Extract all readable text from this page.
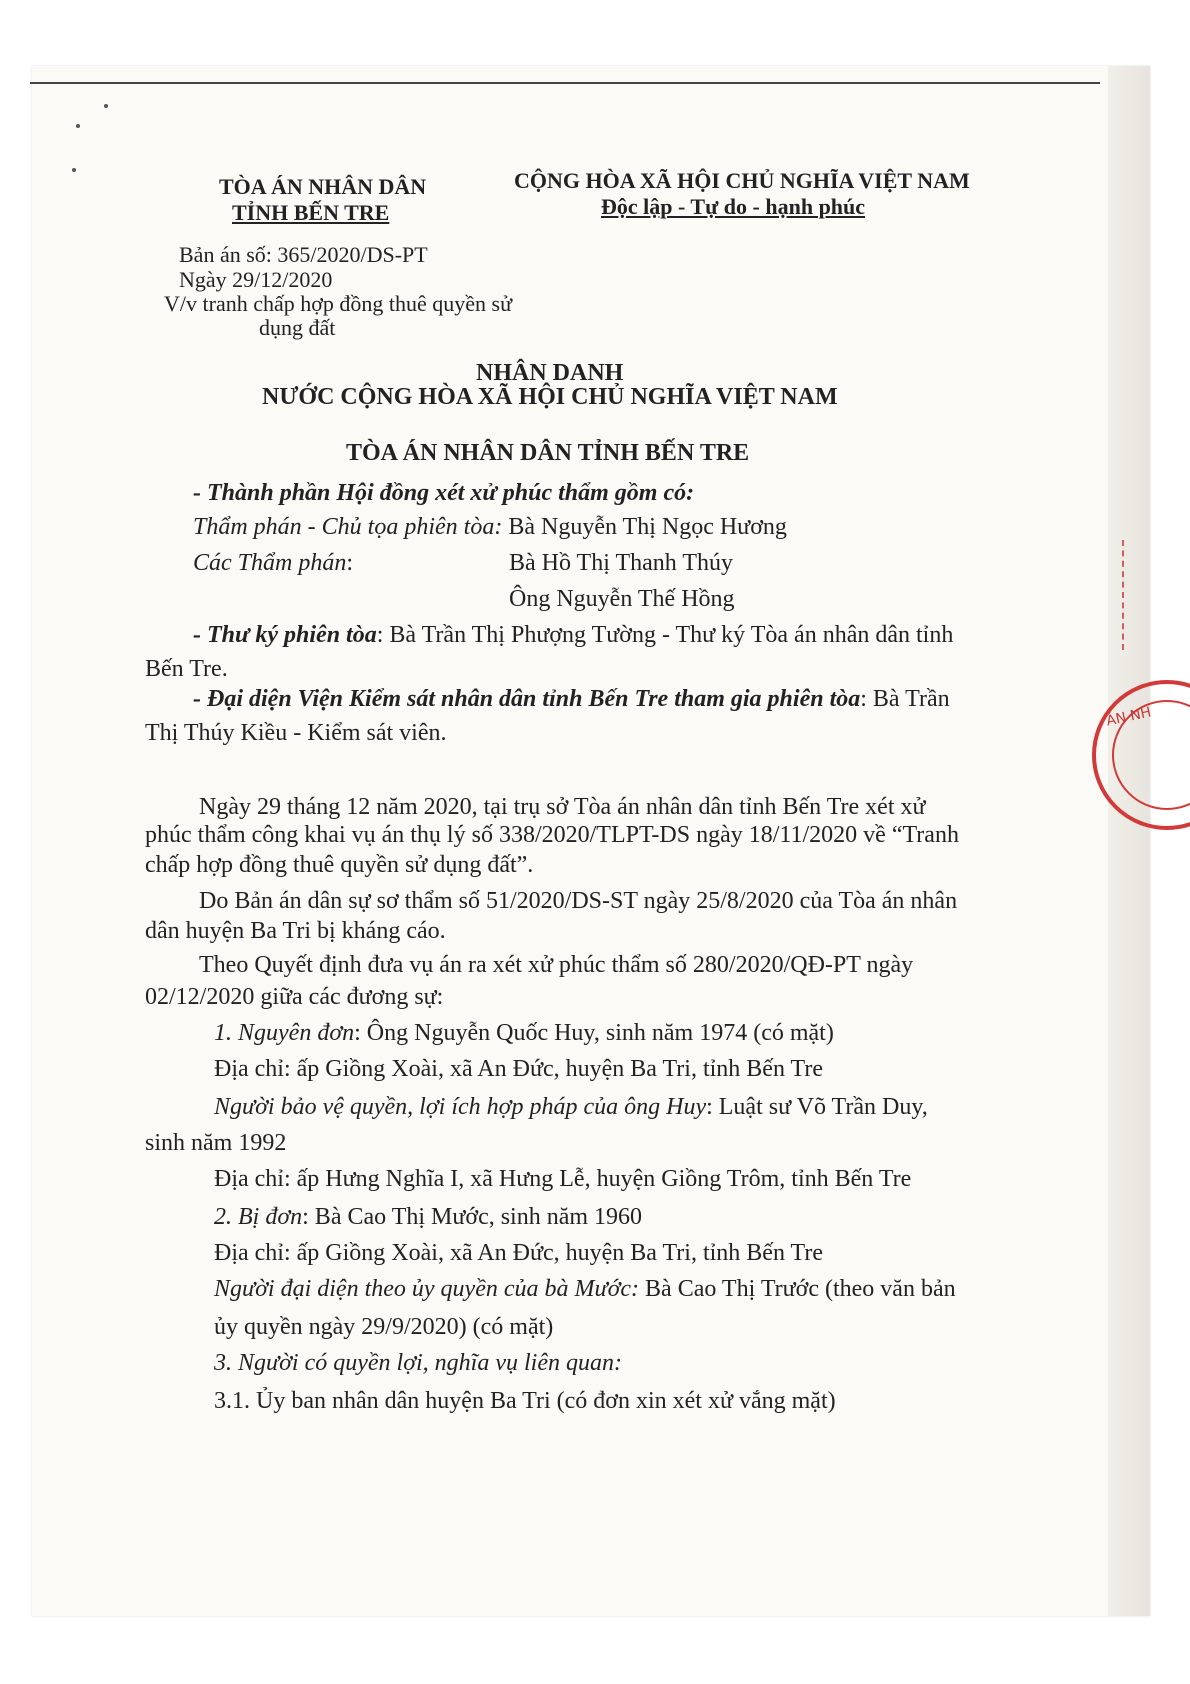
TÒA ÁN NHÂN DÂN
TỈNH BẾN TRE
CỘNG HÒA XÃ HỘI CHỦ NGHĨA VIỆT NAM
Độc lập - Tự do - hạnh phúc
Bản án số: 365/2020/DS-PT
Ngày 29/12/2020
V/v tranh chấp hợp đồng thuê quyền sử
dụng đất
NHÂN DANH
NƯỚC CỘNG HÒA XÃ HỘI CHỦ NGHĨA VIỆT NAM
TÒA ÁN NHÂN DÂN TỈNH BẾN TRE
- Thành phần Hội đồng xét xử phúc thẩm gồm có:
Thẩm phán - Chủ tọa phiên tòa: Bà Nguyễn Thị Ngọc Hương
Các Thẩm phán:	Bà Hồ Thị Thanh Thúy
Ông Nguyễn Thế Hồng
- Thư ký phiên tòa: Bà Trần Thị Phượng Tường - Thư ký Tòa án nhân dân tỉnh
Bến Tre.
- Đại diện Viện Kiểm sát nhân dân tỉnh Bến Tre tham gia phiên tòa: Bà Trần
Thị Thúy Kiều - Kiểm sát viên.
Ngày 29 tháng 12 năm 2020, tại trụ sở Tòa án nhân dân tỉnh Bến Tre xét xử
phúc thẩm công khai vụ án thụ lý số 338/2020/TLPT-DS ngày 18/11/2020 về “Tranh
chấp hợp đồng thuê quyền sử dụng đất”.
Do Bản án dân sự sơ thẩm số 51/2020/DS-ST ngày 25/8/2020 của Tòa án nhân
dân huyện Ba Tri bị kháng cáo.
Theo Quyết định đưa vụ án ra xét xử phúc thẩm số 280/2020/QĐ-PT ngày
02/12/2020 giữa các đương sự:
1. Nguyên đơn: Ông Nguyễn Quốc Huy, sinh năm 1974 (có mặt)
Địa chỉ: ấp Giồng Xoài, xã An Đức, huyện Ba Tri, tỉnh Bến Tre
Người bảo vệ quyền, lợi ích hợp pháp của ông Huy: Luật sư Võ Trần Duy,
sinh năm 1992
Địa chỉ: ấp Hưng Nghĩa I, xã Hưng Lễ, huyện Giồng Trôm, tỉnh Bến Tre
2. Bị đơn: Bà Cao Thị Mước, sinh năm 1960
Địa chỉ: ấp Giồng Xoài, xã An Đức, huyện Ba Tri, tỉnh Bến Tre
Người đại diện theo ủy quyền của bà Mước: Bà Cao Thị Trước (theo văn bản
ủy quyền ngày 29/9/2020) (có mặt)
3. Người có quyền lợi, nghĩa vụ liên quan:
3.1. Ủy ban nhân dân huyện Ba Tri (có đơn xin xét xử vắng mặt)
ÁN NH
